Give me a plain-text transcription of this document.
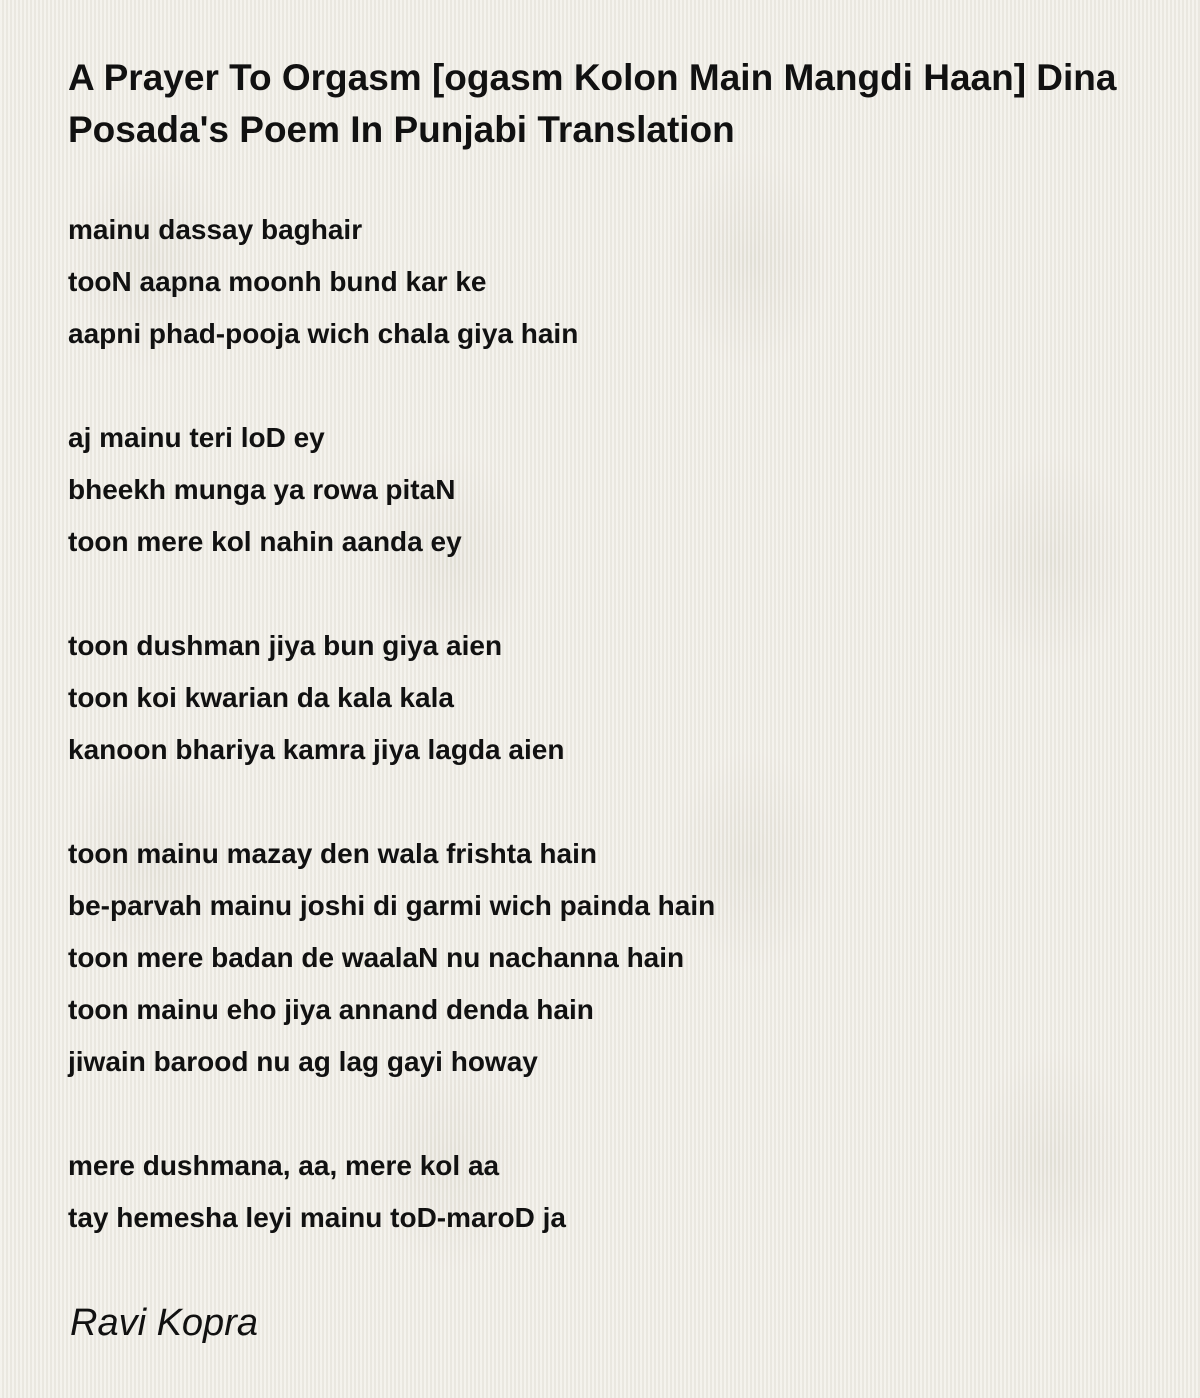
A Prayer To Orgasm [ogasm Kolon Main Mangdi Haan] Dina Posada's Poem In Punjabi Translation
mainu dassay baghair
tooN aapna moonh bund kar ke
aapni phad-pooja wich chala giya hain
aj mainu teri loD ey
bheekh munga ya rowa pitaN
toon mere kol nahin aanda ey
toon dushman jiya bun giya aien
toon koi kwarian da kala kala
kanoon bhariya kamra jiya lagda aien
toon mainu mazay den wala frishta hain
be-parvah mainu joshi di garmi wich painda hain
toon mere badan de waalaN nu nachanna hain
toon mainu eho jiya annand denda hain
jiwain barood nu ag lag gayi howay
mere dushmana, aa, mere kol aa
tay hemesha leyi mainu toD-maroD ja
Ravi Kopra
